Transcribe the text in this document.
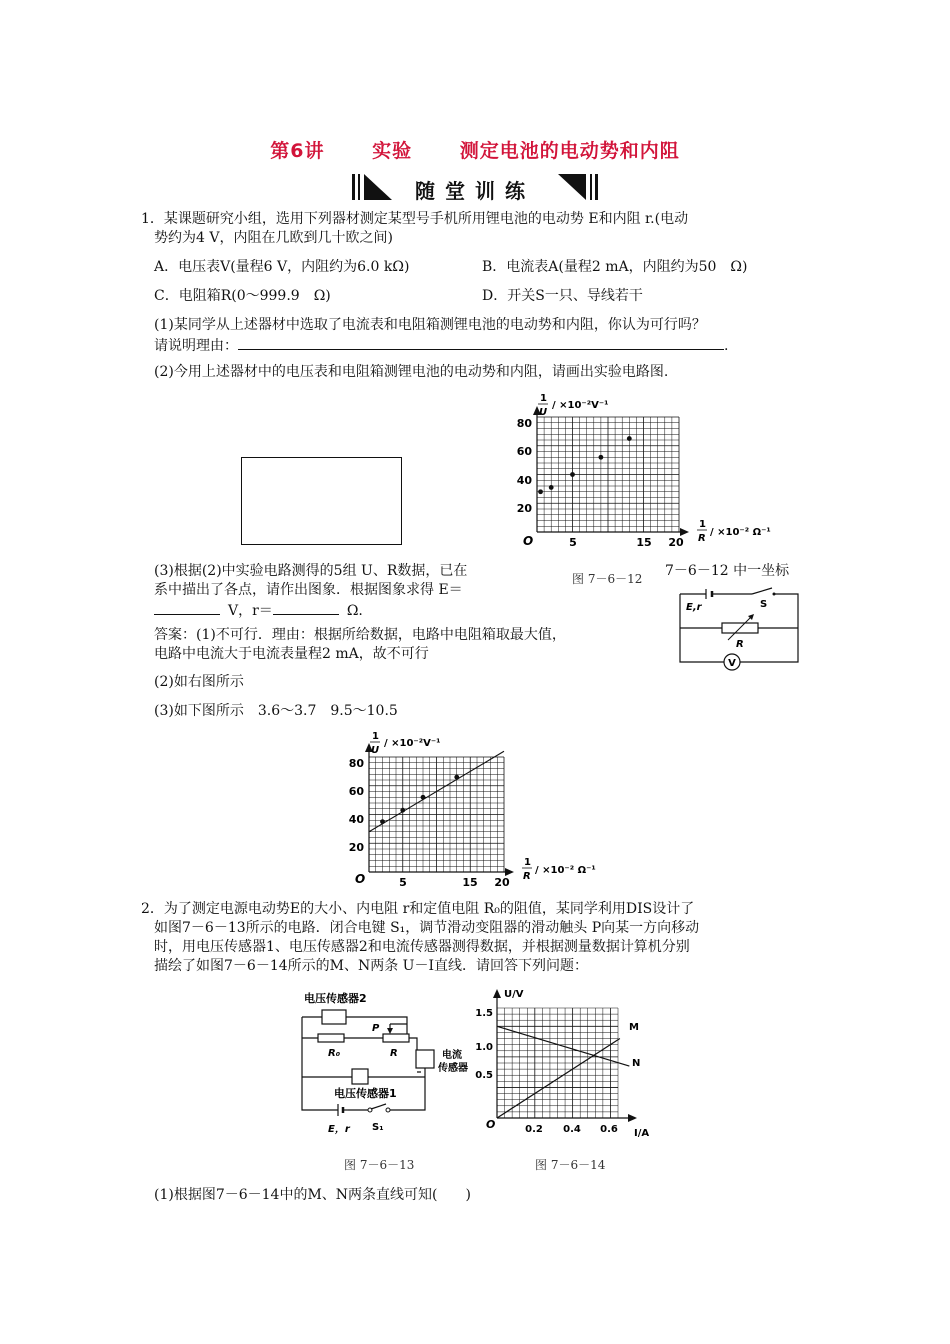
第6讲	实验	测定电池的电动势和内阻
随堂训练
1．某课题研究小组，选用下列器材测定某型号手机所用锂电池的电动势 E和内阻 r.(电动
势约为4 V，内阻在几欧到几十欧之间)
A．电压表V(量程6 V，内阻约为6.0 kΩ)	B．电流表A(量程2 mA，内阻约为50　Ω)
C．电阻箱R(0～999.9　Ω)	D．开关S一只、导线若干
(1)某同学从上述器材中选取了电流表和电阻箱测锂电池的电动势和内阻，你认为可行吗？
请说明理由：	.
(2)今用上述器材中的电压表和电阻箱测锂电池的电动势和内阻，请画出实验电路图.
1
U
/ ×10⁻²V⁻¹
1
R
/ ×10⁻² Ω⁻¹
O
20
40
60
80
5	15 20
(3)根据(2)中实验电路测得的5组 U、R数据，已在	图 7－6－12 7－6－12 中一坐标
系中描出了各点，请作出图象．根据图象求得 E＝
V，r＝	Ω.
V
E,r	S
R
答案：(1)不可行．理由：根据所给数据，电路中电阻箱取最大值，
电路中电流大于电流表量程2 mA，故不可行
(2)如右图所示
(3)如下图所示　3.6～3.7　9.5～10.5
1
U
/ ×10⁻²V⁻¹
1
R
/ ×10⁻² Ω⁻¹
O
20
40
60
80
5	15 20
2．为了测定电源电动势E的大小、内电阻 r和定值电阻 R₀的阻值，某同学利用DIS设计了
如图7－6－13所示的电路．闭合电键 S₁，调节滑动变阻器的滑动触头 P向某一方向移动
时，用电压传感器1、电压传感器2和电流传感器测得数据，并根据测量数据计算机分别
描绘了如图7－6－14所示的M、N两条 U－I直线．请回答下列问题：
电压传感器2
R₀
P
R	电流
传感器
电压传感器1
E，r S₁
U/V
I/A
O
0.5
1.0
1.5
0.2 0.4 0.6
M
N
图 7－6－13	图 7－6－14
(1)根据图7－6－14中的M、N两条直线可知(　　)
